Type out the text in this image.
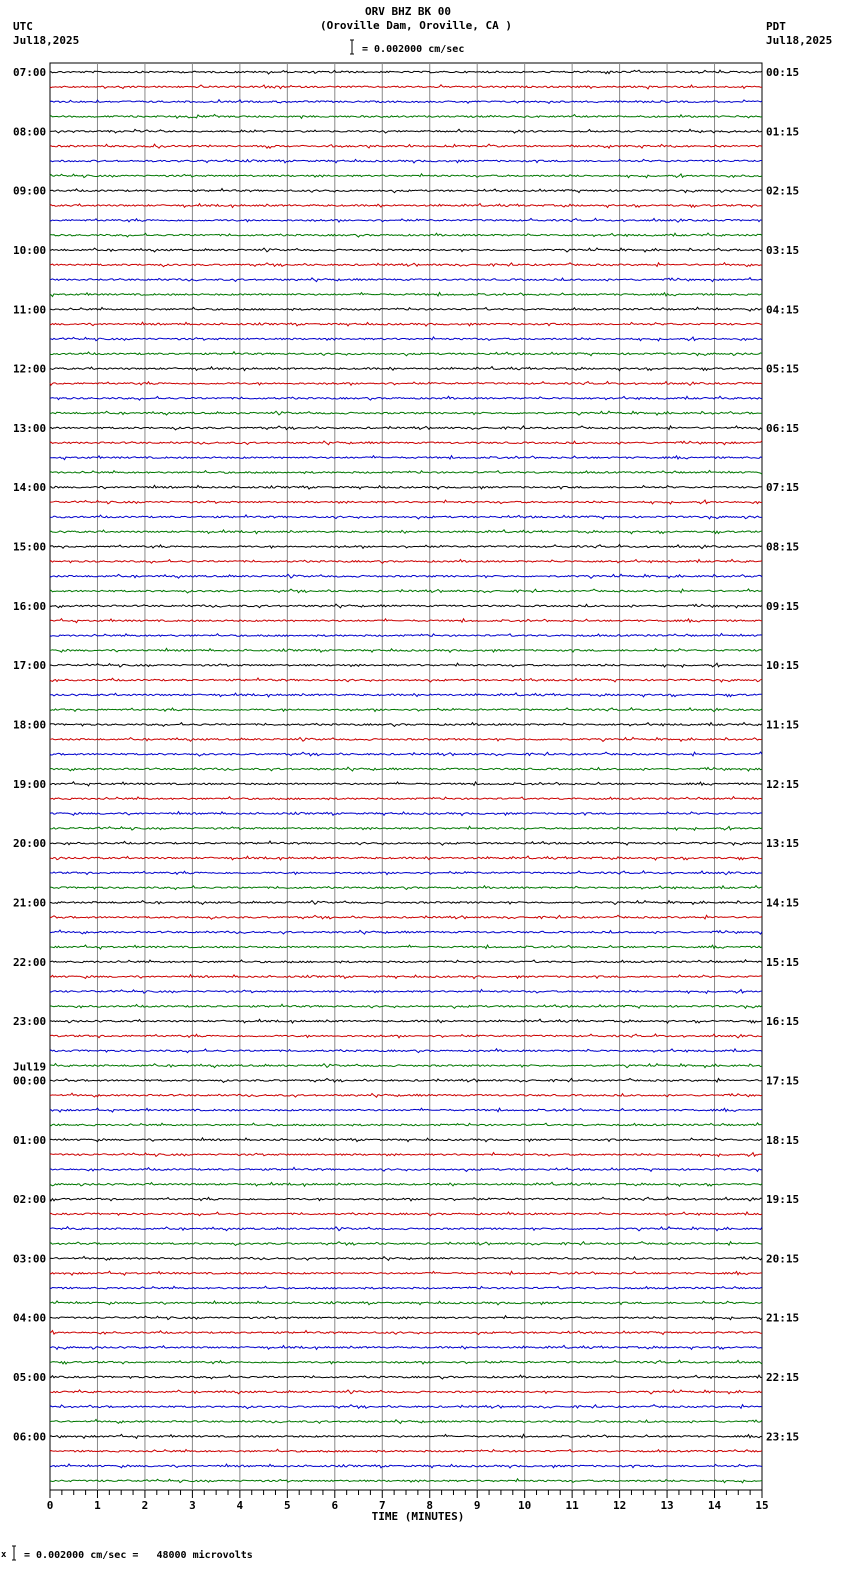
ORV BHZ BK 00
(Oroville Dam, Oroville, CA )
UTC
Jul18,2025
PDT
Jul18,2025
= 0.002000 cm/sec
07:00
08:00
09:00
10:00
11:00
12:00
13:00
14:00
15:00
16:00
17:00
18:00
19:00
20:00
21:00
22:00
23:00
00:00
01:00
02:00
03:00
04:00
05:00
06:00
Jul19
00:15
01:15
02:15
03:15
04:15
05:15
06:15
07:15
08:15
09:15
10:15
11:15
12:15
13:15
14:15
15:15
16:15
17:15
18:15
19:15
20:15
21:15
22:15
23:15
0	1	2	3	4	5	6	7	8	9	10	11	12	13	14	15
TIME (MINUTES)
x = 0.002000 cm/sec =   48000 microvolts
